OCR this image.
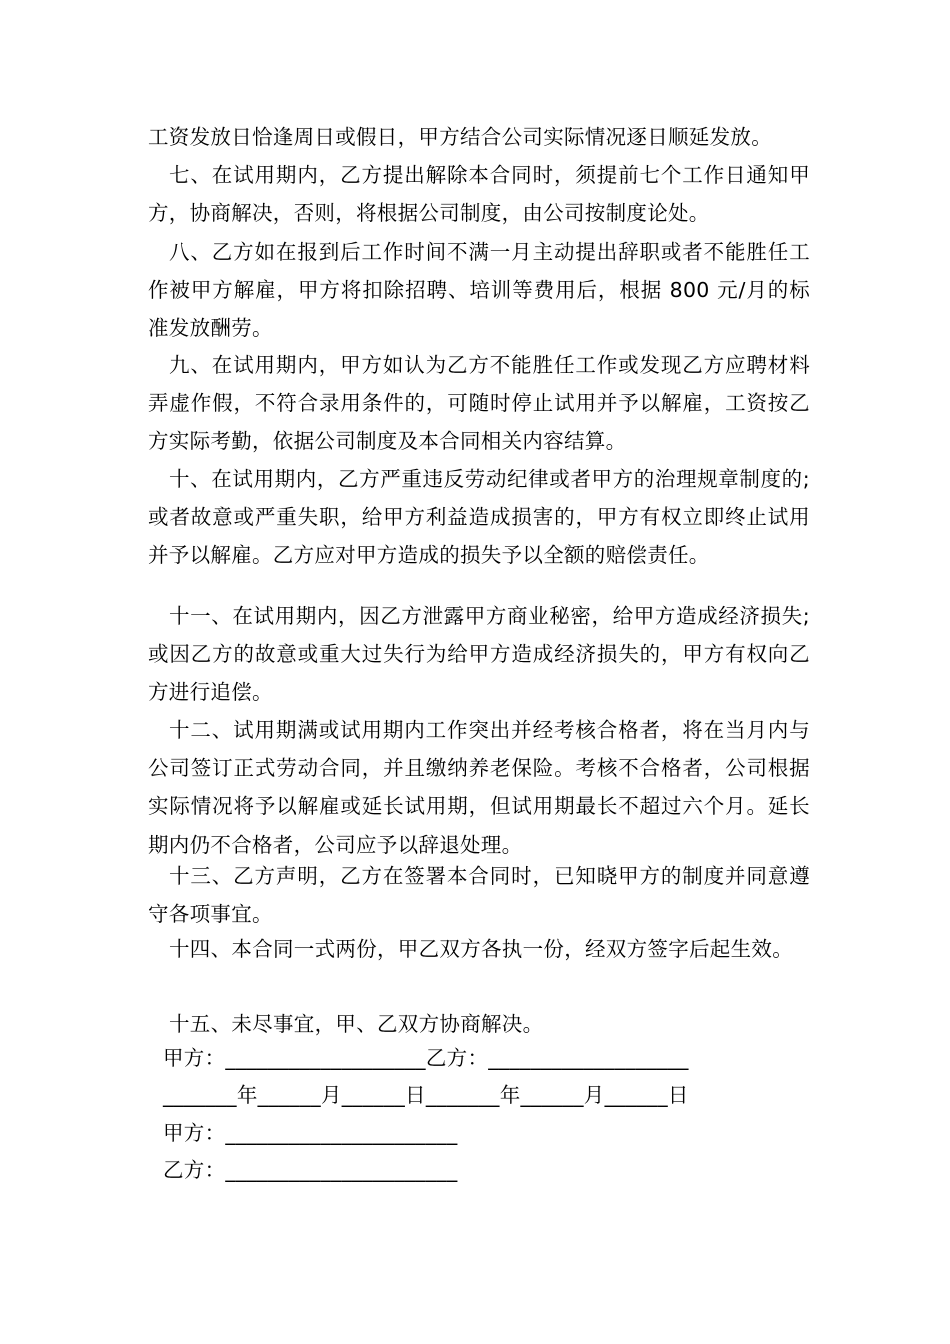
工资发放日恰逢周日或假日，甲方结合公司实际情况逐日顺延发放。

七、在试用期内，乙方提出解除本合同时，须提前七个工作日通知甲方，协商解决，否则，将根据公司制度，由公司按制度论处。

八、乙方如在报到后工作时间不满一月主动提出辞职或者不能胜任工作被甲方解雇，甲方将扣除招聘、培训等费用后，根据 800 元/月的标准发放酬劳。

九、在试用期内，甲方如认为乙方不能胜任工作或发现乙方应聘材料弄虚作假，不符合录用条件的，可随时停止试用并予以解雇，工资按乙方实际考勤，依据公司制度及本合同相关内容结算。

十、在试用期内，乙方严重违反劳动纪律或者甲方的治理规章制度的;或者故意或严重失职，给甲方利益造成损害的，甲方有权立即终止试用并予以解雇。乙方应对甲方造成的损失予以全额的赔偿责任。

十一、在试用期内，因乙方泄露甲方商业秘密，给甲方造成经济损失;或因乙方的故意或重大过失行为给甲方造成经济损失的，甲方有权向乙方进行追偿。

十二、试用期满或试用期内工作突出并经考核合格者，将在当月内与公司签订正式劳动合同，并且缴纳养老保险。考核不合格者，公司根据实际情况将予以解雇或延长试用期，但试用期最长不超过六个月。延长期内仍不合格者，公司应予以辞退处理。

十三、乙方声明，乙方在签署本合同时，已知晓甲方的制度并同意遵守各项事宜。

十四、本合同一式两份，甲乙双方各执一份，经双方签字后起生效。

十五、未尽事宜，甲、乙双方协商解决。

甲方：___________________乙方：___________________
_______年______月______日_______年______月______日
甲方：______________________
乙方：______________________
